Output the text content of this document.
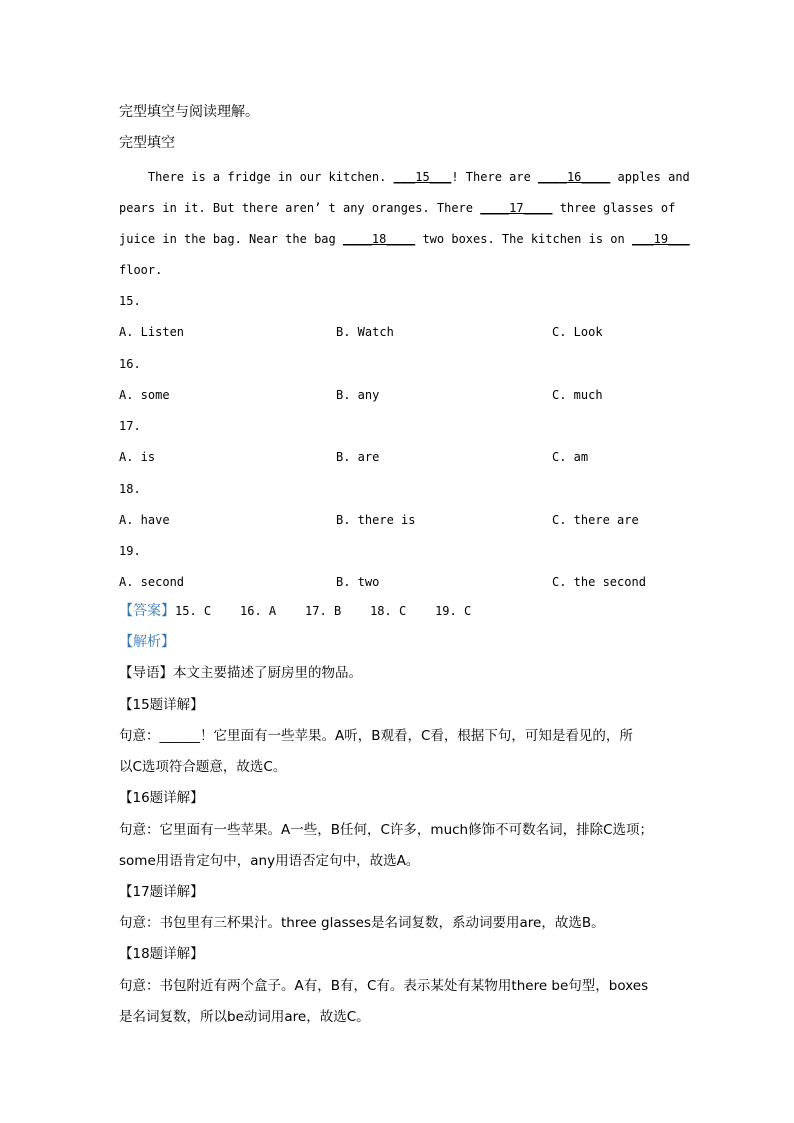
完型填空与阅读理解。
完型填空
There is a fridge in our kitchen. ___15___! There are ____16____ apples and
pears in it. But there aren’ t any oranges. There ____17____ three glasses of
juice in the bag. Near the bag ____18____ two boxes. The kitchen is on ___19___
floor.
15.
A. Listen	B. Watch	C. Look
16.
A. some	B. any	C. much
17.
A. is	B. are	C. am
18.
A. have	B. there is	C. there are
19.
A. second	B. two	C. the second
【答案】15. C    16. A    17. B    18. C    19. C
【解析】
【导语】本文主要描述了厨房里的物品。
【15题详解】
句意：______！它里面有一些苹果。A听，B观看，C看，根据下句，可知是看见的，所
以C选项符合题意，故选C。
【16题详解】
句意：它里面有一些苹果。A一些，B任何，C许多，much修饰不可数名词，排除C选项；
some用语肯定句中，any用语否定句中，故选A。
【17题详解】
句意：书包里有三杯果汁。three glasses是名词复数，系动词要用are，故选B。
【18题详解】
句意：书包附近有两个盒子。A有，B有，C有。表示某处有某物用there be句型，boxes
是名词复数，所以be动词用are，故选C。
